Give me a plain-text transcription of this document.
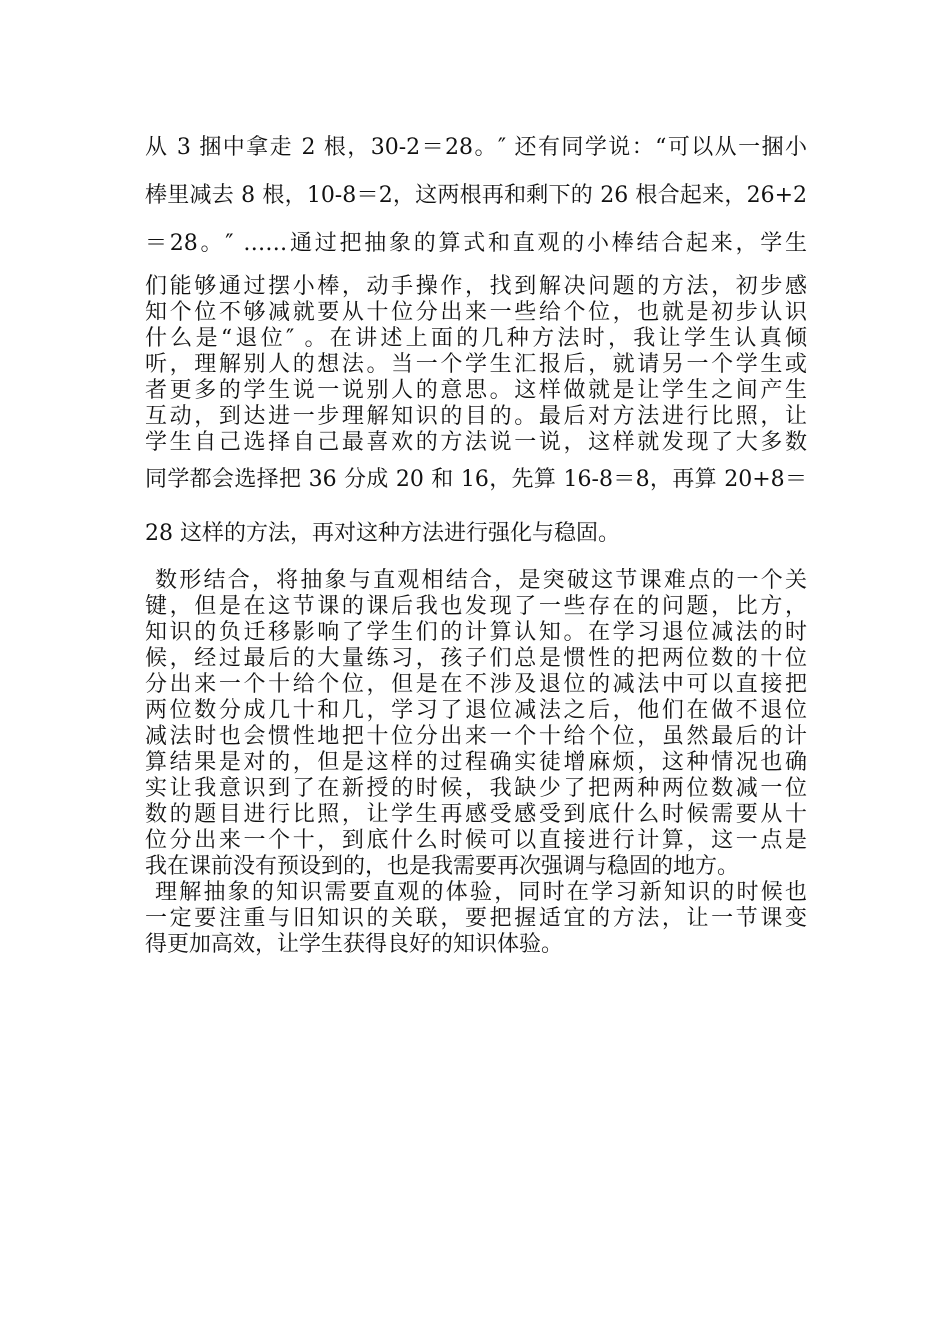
从 3 捆中拿走 2 根，30-2＝28。″ 还有同学说：“可以从一捆小
棒里减去 8 根，10-8＝2，这两根再和剩下的 26 根合起来，26+2
＝28。″ ……通过把抽象的算式和直观的小棒结合起来，学生
们能够通过摆小棒，动手操作，找到解决问题的方法，初步感
知个位不够减就要从十位分出来一些给个位，也就是初步认识
什么是“退位″ 。在讲述上面的几种方法时，我让学生认真倾
听，理解别人的想法。当一个学生汇报后，就请另一个学生或
者更多的学生说一说别人的意思。这样做就是让学生之间产生
互动，到达进一步理解知识的目的。最后对方法进行比照，让
学生自己选择自己最喜欢的方法说一说，这样就发现了大多数
同学都会选择把 36 分成 20 和 16，先算 16-8＝8，再算 20+8＝
28 这样的方法，再对这种方法进行强化与稳固。
数形结合，将抽象与直观相结合，是突破这节课难点的一个关
键，但是在这节课的课后我也发现了一些存在的问题，比方，
知识的负迁移影响了学生们的计算认知。在学习退位减法的时
候，经过最后的大量练习，孩子们总是惯性的把两位数的十位
分出来一个十给个位，但是在不涉及退位的减法中可以直接把
两位数分成几十和几，学习了退位减法之后，他们在做不退位
减法时也会惯性地把十位分出来一个十给个位，虽然最后的计
算结果是对的，但是这样的过程确实徒增麻烦，这种情况也确
实让我意识到了在新授的时候，我缺少了把两种两位数减一位
数的题目进行比照，让学生再感受感受到底什么时候需要从十
位分出来一个十，到底什么时候可以直接进行计算，这一点是
我在课前没有预设到的，也是我需要再次强调与稳固的地方。
理解抽象的知识需要直观的体验，同时在学习新知识的时候也
一定要注重与旧知识的关联，要把握适宜的方法，让一节课变
得更加高效，让学生获得良好的知识体验。
